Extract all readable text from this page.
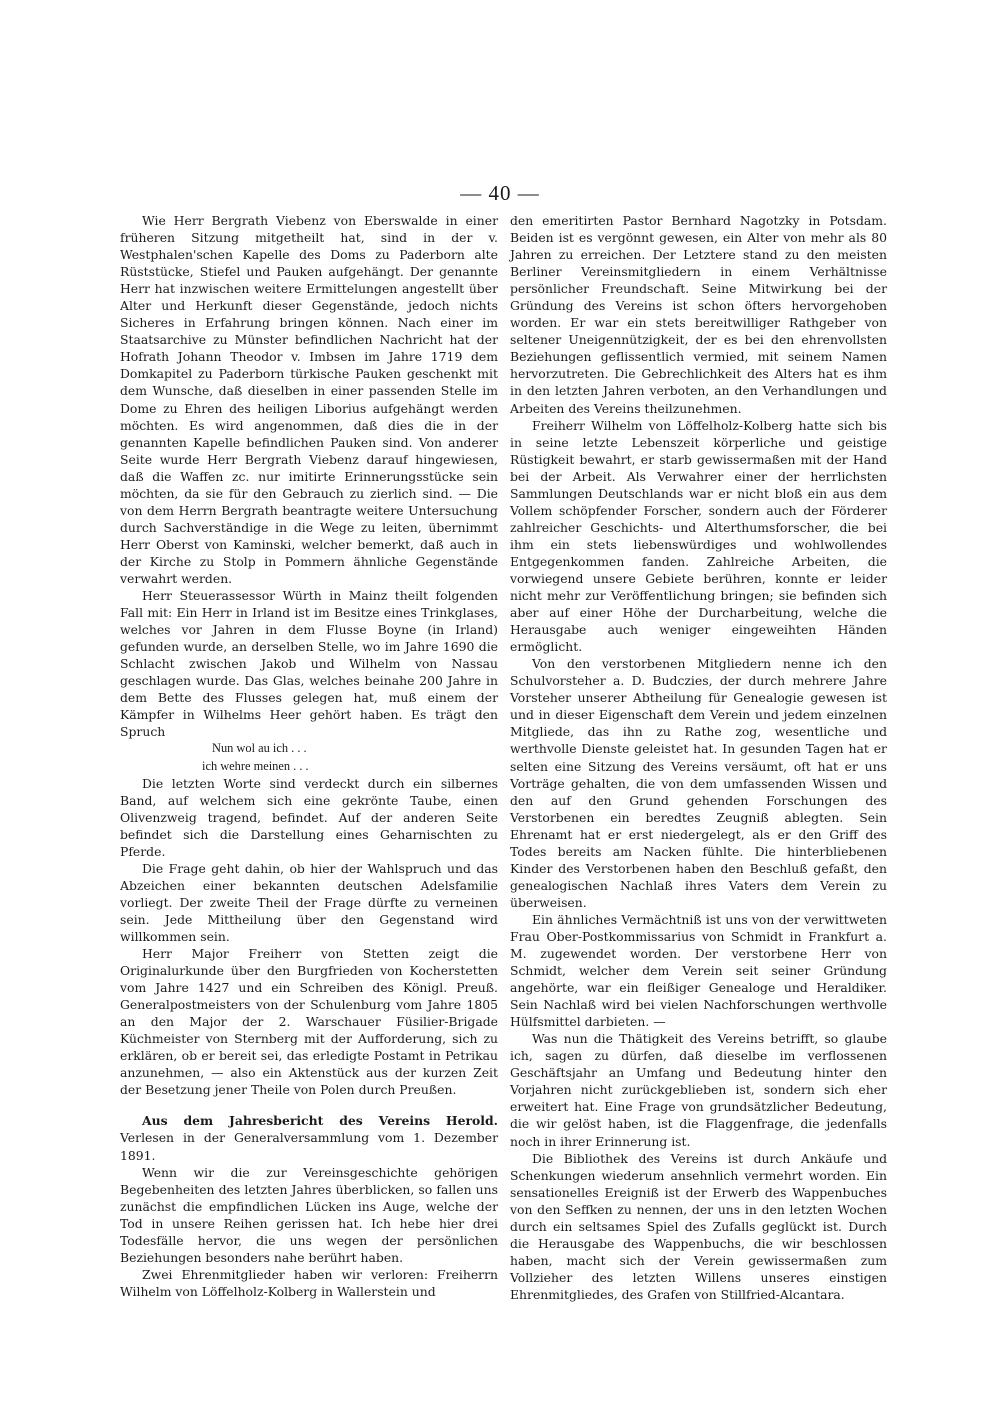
— 40 —

Wie Herr Bergrath Viebenz von Eberswalde in einer früheren Sitzung mitgetheilt hat, sind in der v. Westphalen'schen Kapelle des Doms zu Paderborn alte Rüststücke, Stiefel und Pauken aufgehängt. Der genannte Herr hat inzwischen weitere Ermittelungen angestellt über Alter und Herkunft dieser Gegenstände, jedoch nichts Sicheres in Erfahrung bringen können. Nach einer im Staatsarchive zu Münster befindlichen Nachricht hat der Hofrath Johann Theodor v. Imbsen im Jahre 1719 dem Domkapitel zu Paderborn türkische Pauken geschenkt mit dem Wunsche, daß dieselben in einer passenden Stelle im Dome zu Ehren des heiligen Liborius aufgehängt werden möchten. Es wird angenommen, daß dies die in der genannten Kapelle befindlichen Pauken sind. Von anderer Seite wurde Herr Bergrath Viebenz darauf hingewiesen, daß die Waffen zc. nur imitirte Erinnerungsstücke sein möchten, da sie für den Gebrauch zu zierlich sind. — Die von dem Herrn Bergrath beantragte weitere Untersuchung durch Sachverständige in die Wege zu leiten, übernimmt Herr Oberst von Kaminski, welcher bemerkt, daß auch in der Kirche zu Stolp in Pommern ähnliche Gegenstände verwahrt werden.

Herr Steuerassessor Würth in Mainz theilt folgenden Fall mit: Ein Herr in Irland ist im Besitze eines Trinkglases, welches vor Jahren in dem Flusse Boyne (in Irland) gefunden wurde, an derselben Stelle, wo im Jahre 1690 die Schlacht zwischen Jakob und Wilhelm von Nassau geschlagen wurde. Das Glas, welches beinahe 200 Jahre in dem Bette des Flusses gelegen hat, muß einem der Kämpfer in Wilhelms Heer gehört haben. Es trägt den Spruch

Nun wol au ich . . .

ich wehre meinen . . .

Die letzten Worte sind verdeckt durch ein silbernes Band, auf welchem sich eine gekrönte Taube, einen Olivenzweig tragend, befindet. Auf der anderen Seite befindet sich die Darstellung eines Geharnischten zu Pferde.

Die Frage geht dahin, ob hier der Wahlspruch und das Abzeichen einer bekannten deutschen Adelsfamilie vorliegt. Der zweite Theil der Frage dürfte zu verneinen sein. Jede Mittheilung über den Gegenstand wird willkommen sein.

Herr Major Freiherr von Stetten zeigt die Originalurkunde über den Burgfrieden von Kocherstetten vom Jahre 1427 und ein Schreiben des Königl. Preuß. Generalpostmeisters von der Schulenburg vom Jahre 1805 an den Major der 2. Warschauer Füsilier-Brigade Küchmeister von Sternberg mit der Aufforderung, sich zu erklären, ob er bereit sei, das erledigte Postamt in Petrikau anzunehmen, — also ein Aktenstück aus der kurzen Zeit der Besetzung jener Theile von Polen durch Preußen.

Aus dem Jahresbericht des Vereins Herold. Verlesen in der Generalversammlung vom 1. Dezember 1891.

Wenn wir die zur Vereinsgeschichte gehörigen Begebenheiten des letzten Jahres überblicken, so fallen uns zunächst die empfindlichen Lücken ins Auge, welche der Tod in unsere Reihen gerissen hat. Ich hebe hier drei Todesfälle hervor, die uns wegen der persönlichen Beziehungen besonders nahe berührt haben.

Zwei Ehrenmitglieder haben wir verloren: Freiherrn Wilhelm von Löffelholz-Kolberg in Wallerstein und

den emeritirten Pastor Bernhard Nagotzky in Potsdam. Beiden ist es vergönnt gewesen, ein Alter von mehr als 80 Jahren zu erreichen. Der Letztere stand zu den meisten Berliner Vereinsmitgliedern in einem Verhältnisse persönlicher Freundschaft. Seine Mitwirkung bei der Gründung des Vereins ist schon öfters hervorgehoben worden. Er war ein stets bereitwilliger Rathgeber von seltener Uneigennützigkeit, der es bei den ehrenvollsten Beziehungen geflissentlich vermied, mit seinem Namen hervorzutreten. Die Gebrechlichkeit des Alters hat es ihm in den letzten Jahren verboten, an den Verhandlungen und Arbeiten des Vereins theilzunehmen.

Freiherr Wilhelm von Löffelholz-Kolberg hatte sich bis in seine letzte Lebenszeit körperliche und geistige Rüstigkeit bewahrt, er starb gewissermaßen mit der Hand bei der Arbeit. Als Verwahrer einer der herrlichsten Sammlungen Deutschlands war er nicht bloß ein aus dem Vollem schöpfender Forscher, sondern auch der Förderer zahlreicher Geschichts- und Alterthumsforscher, die bei ihm ein stets liebenswürdiges und wohlwollendes Entgegenkommen fanden. Zahlreiche Arbeiten, die vorwiegend unsere Gebiete berühren, konnte er leider nicht mehr zur Veröffentlichung bringen; sie befinden sich aber auf einer Höhe der Durcharbeitung, welche die Herausgabe auch weniger eingeweihten Händen ermöglicht.

Von den verstorbenen Mitgliedern nenne ich den Schulvorsteher a. D. Budczies, der durch mehrere Jahre Vorsteher unserer Abtheilung für Genealogie gewesen ist und in dieser Eigenschaft dem Verein und jedem einzelnen Mitgliede, das ihn zu Rathe zog, wesentliche und werthvolle Dienste geleistet hat. In gesunden Tagen hat er selten eine Sitzung des Vereins versäumt, oft hat er uns Vorträge gehalten, die von dem umfassenden Wissen und den auf den Grund gehenden Forschungen des Verstorbenen ein beredtes Zeugniß ablegten. Sein Ehrenamt hat er erst niedergelegt, als er den Griff des Todes bereits am Nacken fühlte. Die hinterbliebenen Kinder des Verstorbenen haben den Beschluß gefaßt, den genealogischen Nachlaß ihres Vaters dem Verein zu überweisen.

Ein ähnliches Vermächtniß ist uns von der verwittweten Frau Ober-Postkommissarius von Schmidt in Frankfurt a. M. zugewendet worden. Der verstorbene Herr von Schmidt, welcher dem Verein seit seiner Gründung angehörte, war ein fleißiger Genealoge und Heraldiker. Sein Nachlaß wird bei vielen Nachforschungen werthvolle Hülfsmittel darbieten. —

Was nun die Thätigkeit des Vereins betrifft, so glaube ich, sagen zu dürfen, daß dieselbe im verflossenen Geschäftsjahr an Umfang und Bedeutung hinter den Vorjahren nicht zurückgeblieben ist, sondern sich eher erweitert hat. Eine Frage von grundsätzlicher Bedeutung, die wir gelöst haben, ist die Flaggenfrage, die jedenfalls noch in ihrer Erinnerung ist.

Die Bibliothek des Vereins ist durch Ankäufe und Schenkungen wiederum ansehnlich vermehrt worden. Ein sensationelles Ereigniß ist der Erwerb des Wappenbuches von den Seffken zu nennen, der uns in den letzten Wochen durch ein seltsames Spiel des Zufalls geglückt ist. Durch die Herausgabe des Wappenbuchs, die wir beschlossen haben, macht sich der Verein gewissermaßen zum Vollzieher des letzten Willens unseres einstigen Ehrenmitgliedes, des Grafen von Stillfried-Alcantara.
